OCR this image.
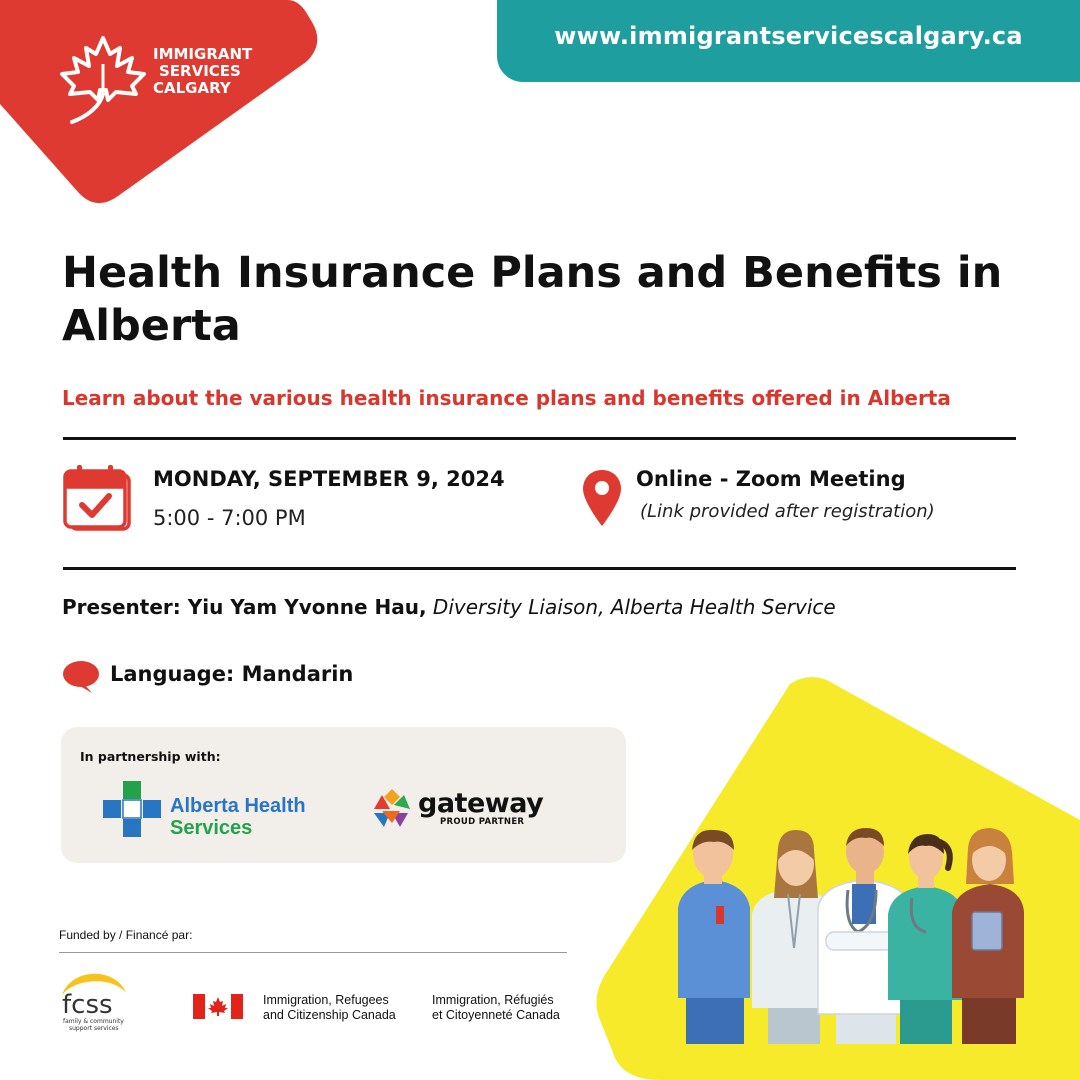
www.immigrantservicescalgary.ca
IMMIGRANT
SERVICES
CALGARY
Health Insurance Plans and Benefits in Alberta
Learn about the various health insurance plans and benefits offered in Alberta
MONDAY, SEPTEMBER 9, 2024
5:00 - 7:00 PM
Online - Zoom Meeting
(Link provided after registration)
Presenter: Yiu Yam Yvonne Hau, Diversity Liaison, Alberta Health Service
Language: Mandarin
In partnership with:
Alberta Health
Services
gateway
PROUD PARTNER
Funded by / Financé par:
fcss
family & community
support services
Immigration, Refugees
and Citizenship Canada
Immigration, Réfugiés
et Citoyenneté Canada
